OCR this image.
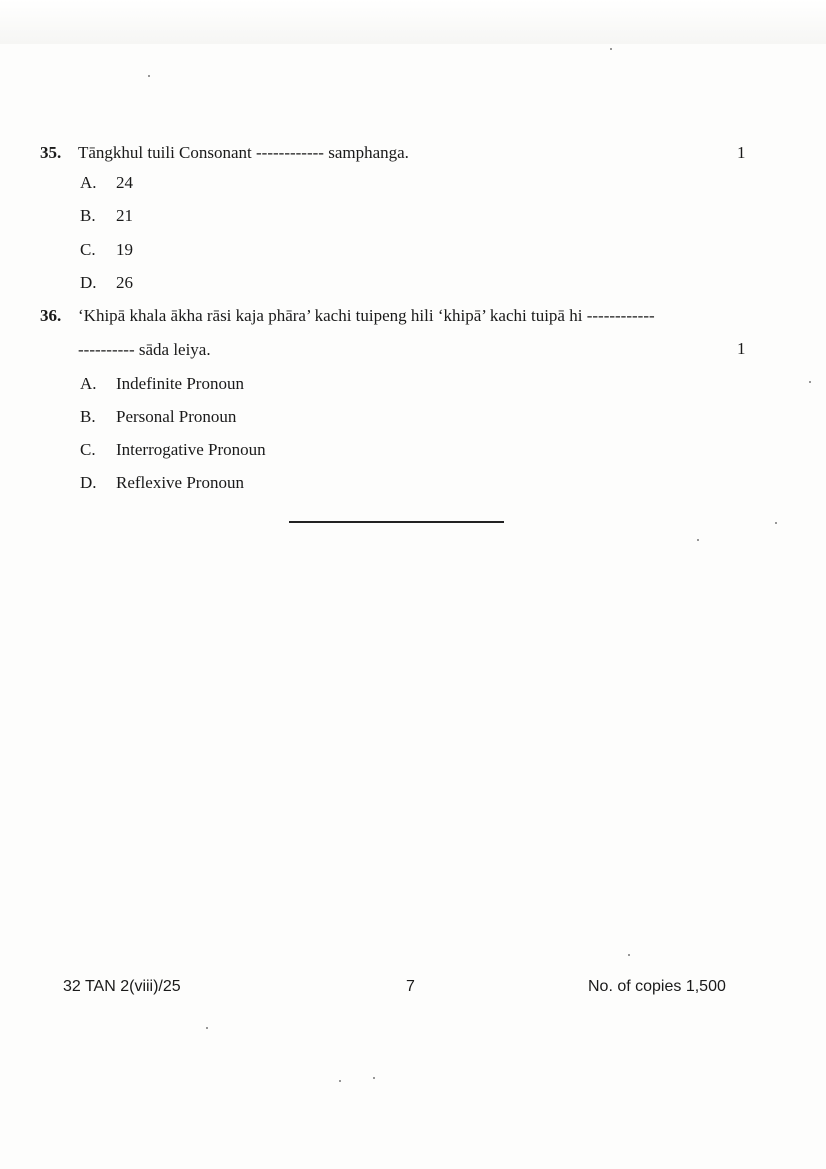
35. Tāngkhul tuili Consonant ------------ samphanga.	1
A. 24
B. 21
C. 19
D. 26
36. ‘Khipā khala ākha rāsi kaja phāra’ kachi tuipeng hili ‘khipā’ kachi tuipā hi ------------
---------- sāda leiya.	1
A. Indefinite Pronoun
B. Personal Pronoun
C. Interrogative Pronoun
D. Reflexive Pronoun
32 TAN 2(viii)/25	7	No. of copies 1,500
